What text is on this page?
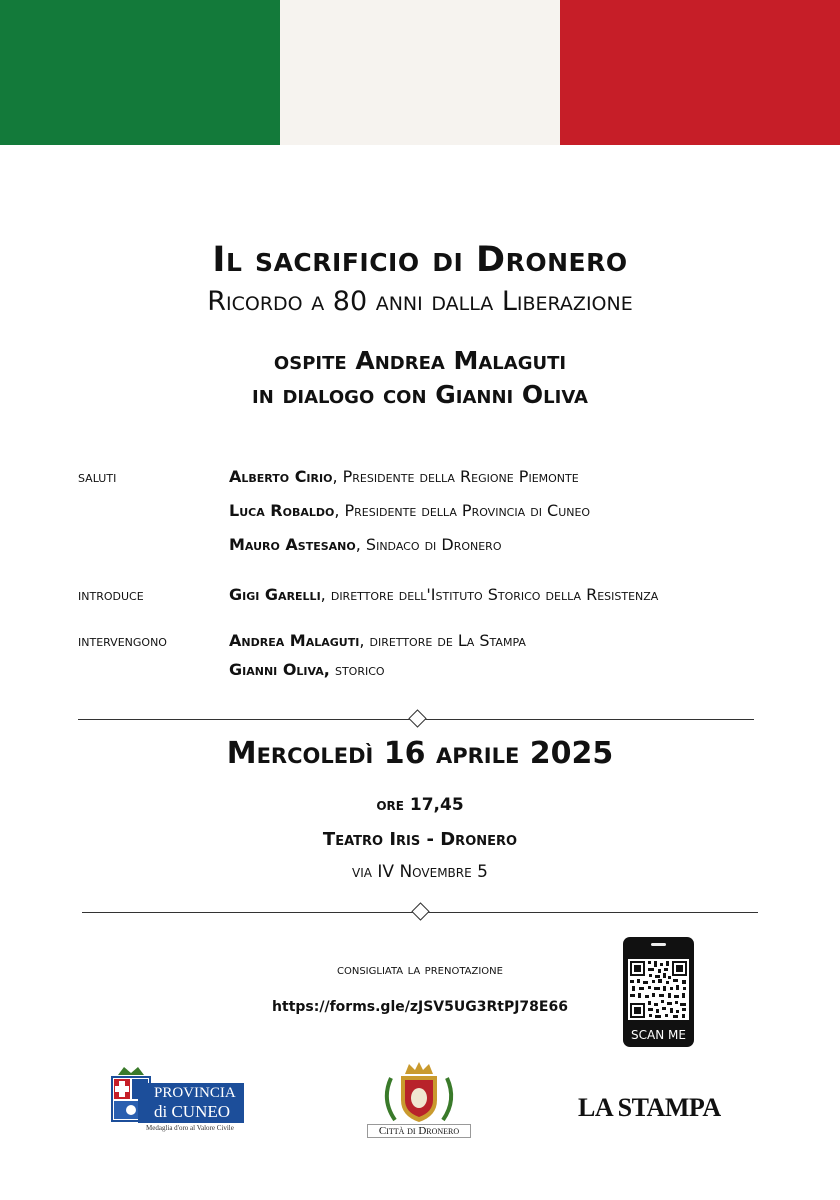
Il sacrificio di Dronero
Ricordo a 80 anni dalla Liberazione
ospite Andrea Malaguti
in dialogo con Gianni Oliva
saluti	Alberto Cirio, Presidente della Regione Piemonte
Luca Robaldo, Presidente della Provincia di Cuneo
Mauro Astesano, Sindaco di Dronero
introduce	Gigi Garelli, direttore dell'Istituto Storico della Resistenza
intervengono	Andrea Malaguti, direttore de La Stampa
Gianni Oliva, storico
Mercoledì 16 aprile 2025
ore 17,45
Teatro Iris - Dronero
via IV Novembre 5
consigliata la prenotazione
https://forms.gle/zJSV5UG3RtPJ78E66
SCAN ME
PROVINCIA
di CUNEO
Medaglia d'oro al Valore Civile	Città di Dronero
LA STAMPA
